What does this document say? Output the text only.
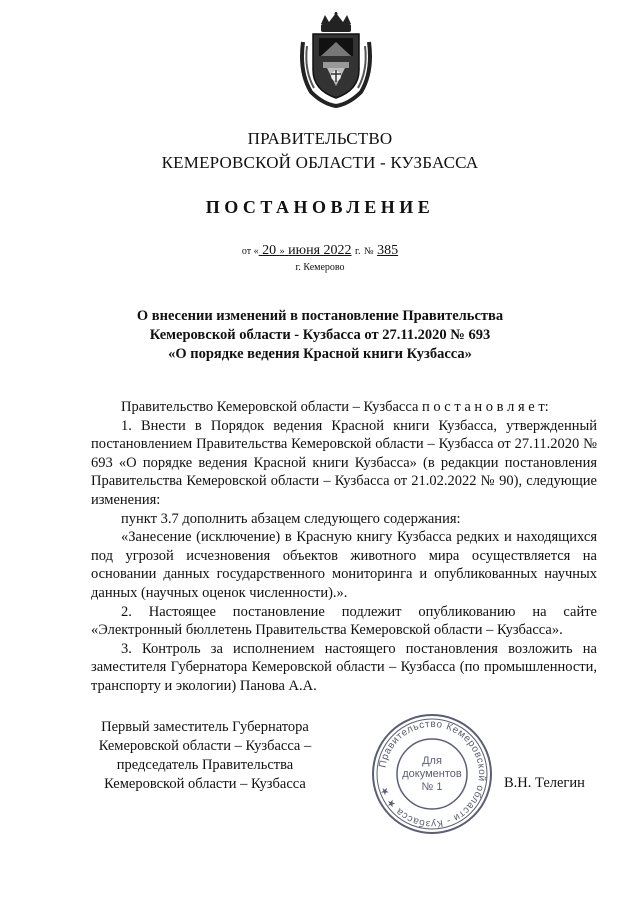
ПРАВИТЕЛЬСТВО
КЕМЕРОВСКОЙ ОБЛАСТИ - КУЗБАССА
ПОСТАНОВЛЕНИЕ
от « 20 » июня 2022 г. № 385
г. Кемерово
О внесении изменений в постановление Правительства
Кемеровской области - Кузбасса от 27.11.2020 № 693
«О порядке ведения Красной книги Кузбасса»

Правительство Кемеровской области – Кузбасса п о с т а н о в л я е т:

1. Внести в Порядок ведения Красной книги Кузбасса, утвержденный постановлением Правительства Кемеровской области – Кузбасса от 27.11.2020 № 693 «О порядке ведения Красной книги Кузбасса» (в редакции постановления Правительства Кемеровской области – Кузбасса от 21.02.2022 № 90), следующие изменения:

пункт 3.7 дополнить абзацем следующего содержания:

«Занесение (исключение) в Красную книгу Кузбасса редких и находящихся под угрозой исчезновения объектов животного мира осуществляется на основании данных государственного мониторинга и опубликованных научных данных (научных оценок численности).».

2. Настоящее постановление подлежит опубликованию на сайте «Электронный бюллетень Правительства Кемеровской области – Кузбасса».

3. Контроль за исполнением настоящего постановления возложить на заместителя Губернатора Кемеровской области – Кузбасса (по промышленности, транспорту и экологии) Панова А.А.

Первый заместитель Губернатора
Кемеровской области – Кузбасса –
председатель Правительства
Кемеровской области – Кузбасса
Правительство Кемеровской области - Кузбасса ★ ★
Для
документов
№ 1	В.Н. Телегин
